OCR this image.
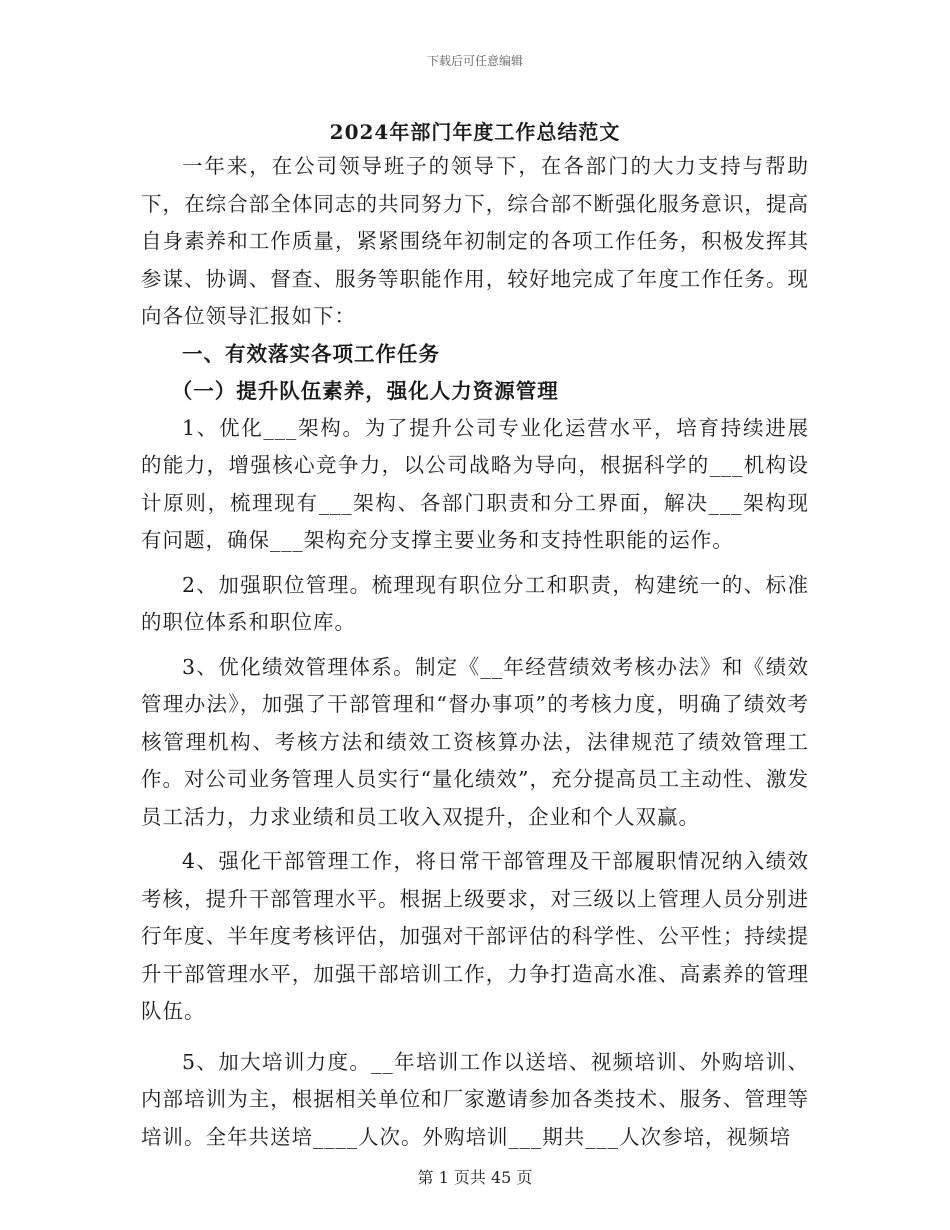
下载后可任意编辑
2024年部门年度工作总结范文

一年来，在公司领导班子的领导下，在各部门的大力支持与帮助下，在综合部全体同志的共同努力下，综合部不断强化服务意识，提高自身素养和工作质量，紧紧围绕年初制定的各项工作任务，积极发挥其参谋、协调、督查、服务等职能作用，较好地完成了年度工作任务。现向各位领导汇报如下：

一、有效落实各项工作任务

（一）提升队伍素养，强化人力资源管理

1、优化___架构。为了提升公司专业化运营水平，培育持续进展的能力，增强核心竞争力，以公司战略为导向，根据科学的___机构设计原则，梳理现有___架构、各部门职责和分工界面，解决___架构现有问题，确保___架构充分支撑主要业务和支持性职能的运作。

2、加强职位管理。梳理现有职位分工和职责，构建统一的、标准的职位体系和职位库。

3、优化绩效管理体系。制定《__年经营绩效考核办法》和《绩效管理办法》，加强了干部管理和“督办事项”的考核力度，明确了绩效考核管理机构、考核方法和绩效工资核算办法，法律规范了绩效管理工作。对公司业务管理人员实行“量化绩效”，充分提高员工主动性、激发员工活力，力求业绩和员工收入双提升，企业和个人双赢。

4、强化干部管理工作，将日常干部管理及干部履职情况纳入绩效考核，提升干部管理水平。根据上级要求，对三级以上管理人员分别进行年度、半年度考核评估，加强对干部评估的科学性、公平性；持续提升干部管理水平，加强干部培训工作，力争打造高水准、高素养的管理队伍。

5、加大培训力度。__年培训工作以送培、视频培训、外购培训、内部培训为主，根据相关单位和厂家邀请参加各类技术、服务、管理等培训。全年共送培____人次。外购培训___期共___人次参培，视频培

第 1 页共 45 页
